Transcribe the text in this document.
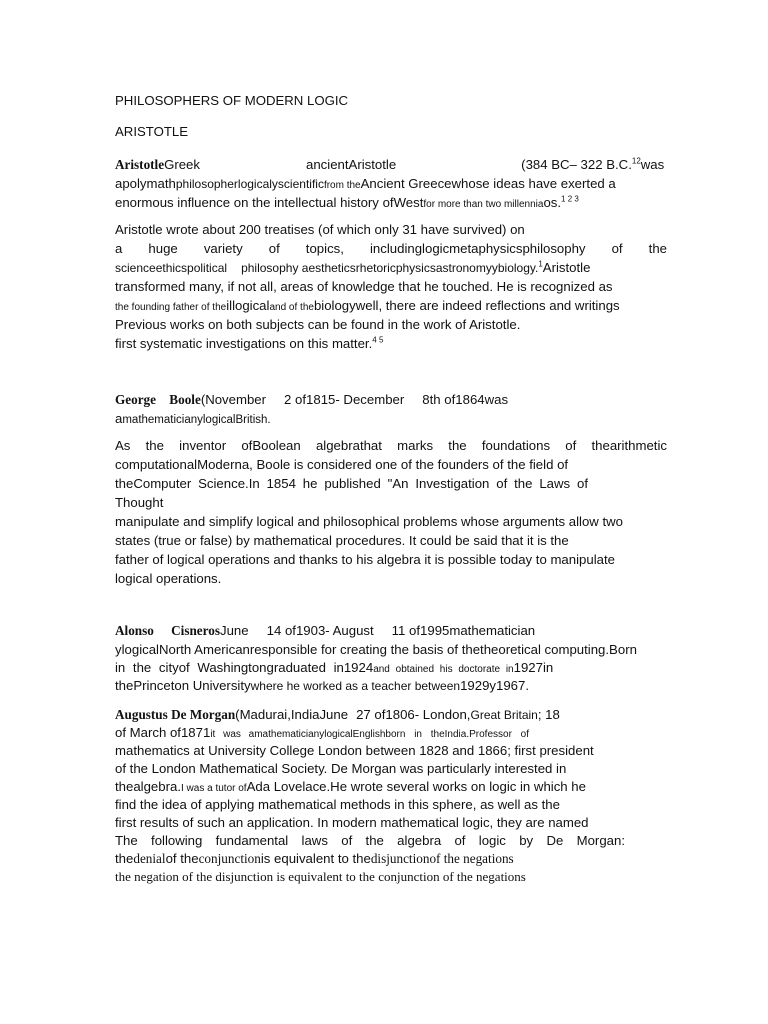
PHILOSOPHERS OF MODERN LOGIC
ARISTOTLE
AristotleGreek	ancientAristotle	(384 BC– 322 B.C.$^{12}$was
apolymathphilosopherlogicalyscientificfrom theAncient Greecewhose ideas have exerted a
enormous influence on the intellectual history ofWestfor more than two millenniaos.$^{1 2 3}$
Aristotle wrote about 200 treatises (of which only 31 have survived) on
a huge variety of topics, includinglogicmetaphysicsphilosophy of the
scienceethicspolitical philosophy aestheticsrhetoricphysicsastronomyybiology.$^1$Aristotle
transformed many, if not all, areas of knowledge that he touched. He is recognized as
the founding father of theillogicaland of thebiologywell, there are indeed reflections and writings
Previous works on both subjects can be found in the work of Aristotle.
first systematic investigations on this matter.$^{4 5}$
George Boole(November 2 of1815- December 8th of1864was
amathematicianylogicalBritish.
As the inventor ofBoolean algebrathat marks the foundations of thearithmetic
computationalModerna, Boole is considered one of the founders of the field of
theComputer Science.In 1854 he published "An Investigation of the Laws of
Thought
manipulate and simplify logical and philosophical problems whose arguments allow two
states (true or false) by mathematical procedures. It could be said that it is the
father of logical operations and thanks to his algebra it is possible today to manipulate
logical operations.
Alonso CisnerosJune 14 of1903- August 11 of1995mathematician
ylogicalNorth Americanresponsible for creating the basis of thetheoretical computing.Born
in the cityof Washingtongraduated in1924and obtained his doctorate in1927in
thePrinceton Universitywhere he worked as a teacher between1929y1967.
Augustus De Morgan(Madurai,IndiaJune 27 of1806- London,Great Britain; 18
of March of1871it was amathematicianylogicalEnglishborn in theIndia.Professor of
mathematics at University College London between 1828 and 1866; first president
of the London Mathematical Society. De Morgan was particularly interested in
thealgebra.I was a tutor ofAda Lovelace.He wrote several works on logic in which he
find the idea of applying mathematical methods in this sphere, as well as the
first results of such an application. In modern mathematical logic, they are named
The following fundamental laws of the algebra of logic by De Morgan:
thedenialof theconjunctionis equivalent to thedisjunctionof the negations
the negation of the disjunction is equivalent to the conjunction of the negations
